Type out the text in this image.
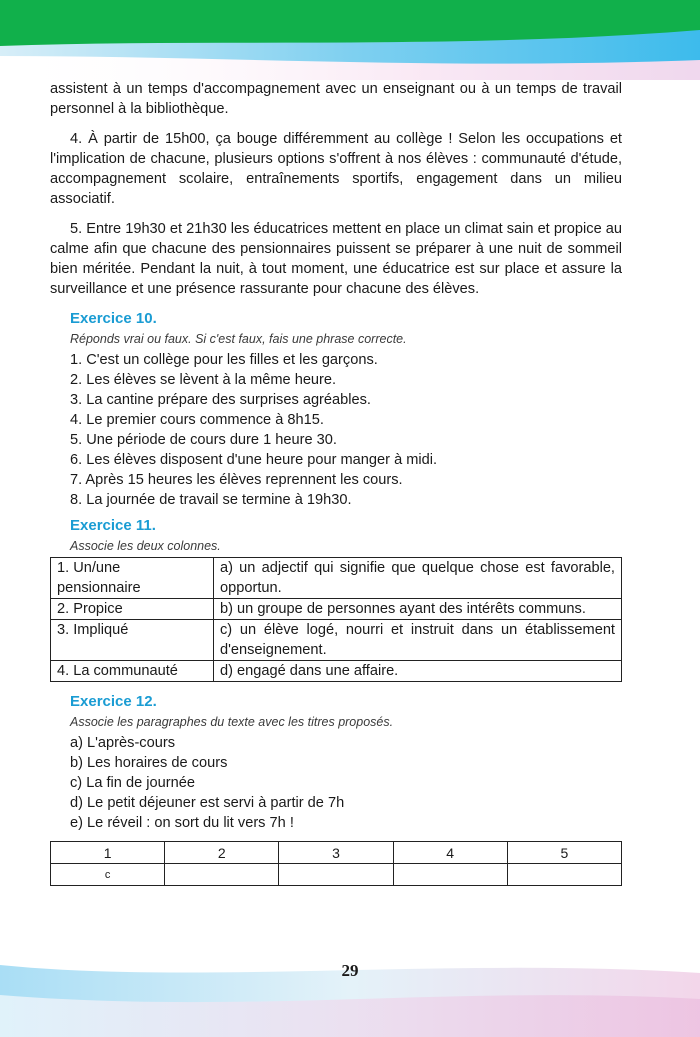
assistent à un temps d'accompagnement avec un enseignant ou à un temps de travail personnel à la bibliothèque.

4. À partir de 15h00, ça bouge différemment au collège ! Selon les occupations et l'implication de chacune, plusieurs options s'offrent à nos élèves : communauté d'étude, accompagnement scolaire, entraînements sportifs, engagement dans un milieu associatif.

5. Entre 19h30 et 21h30 les éducatrices mettent en place un climat sain et propice au calme afin que chacune des pensionnaires puissent se préparer à une nuit de sommeil bien méritée. Pendant la nuit, à tout moment, une éducatrice est sur place et assure la surveillance et une présence rassurante pour chacune des élèves.

Exercice 10.
Réponds vrai ou faux. Si c'est faux, fais une phrase correcte.
1. C'est un collège pour les filles et les garçons.
2. Les élèves se lèvent à la même heure.
3. La cantine prépare des surprises agréables.
4. Le premier cours commence à 8h15.
5. Une période de cours dure 1 heure 30.
6. Les élèves disposent d'une heure pour manger à midi.
7. Après 15 heures les élèves reprennent les cours.
8. La journée de travail se termine à 19h30.
Exercice 11.
Associe les deux colonnes.
1. Un/une pensionnaire	a) un adjectif qui signifie que quelque chose est favorable, opportun.
2. Propice	b) un groupe de personnes ayant des intérêts communs.
3. Impliqué	c) un élève logé, nourri et instruit dans un établissement d'enseignement.
4. La communauté	d) engagé dans une affaire.
Exercice 12.
Associe les paragraphes du texte avec les titres proposés.
a) L'après-cours
b) Les horaires de cours
c) La fin de journée
d) Le petit déjeuner est servi à partir de 7h
e) Le réveil : on sort du lit vers 7h !
1	2	3	4	5
c				
29
